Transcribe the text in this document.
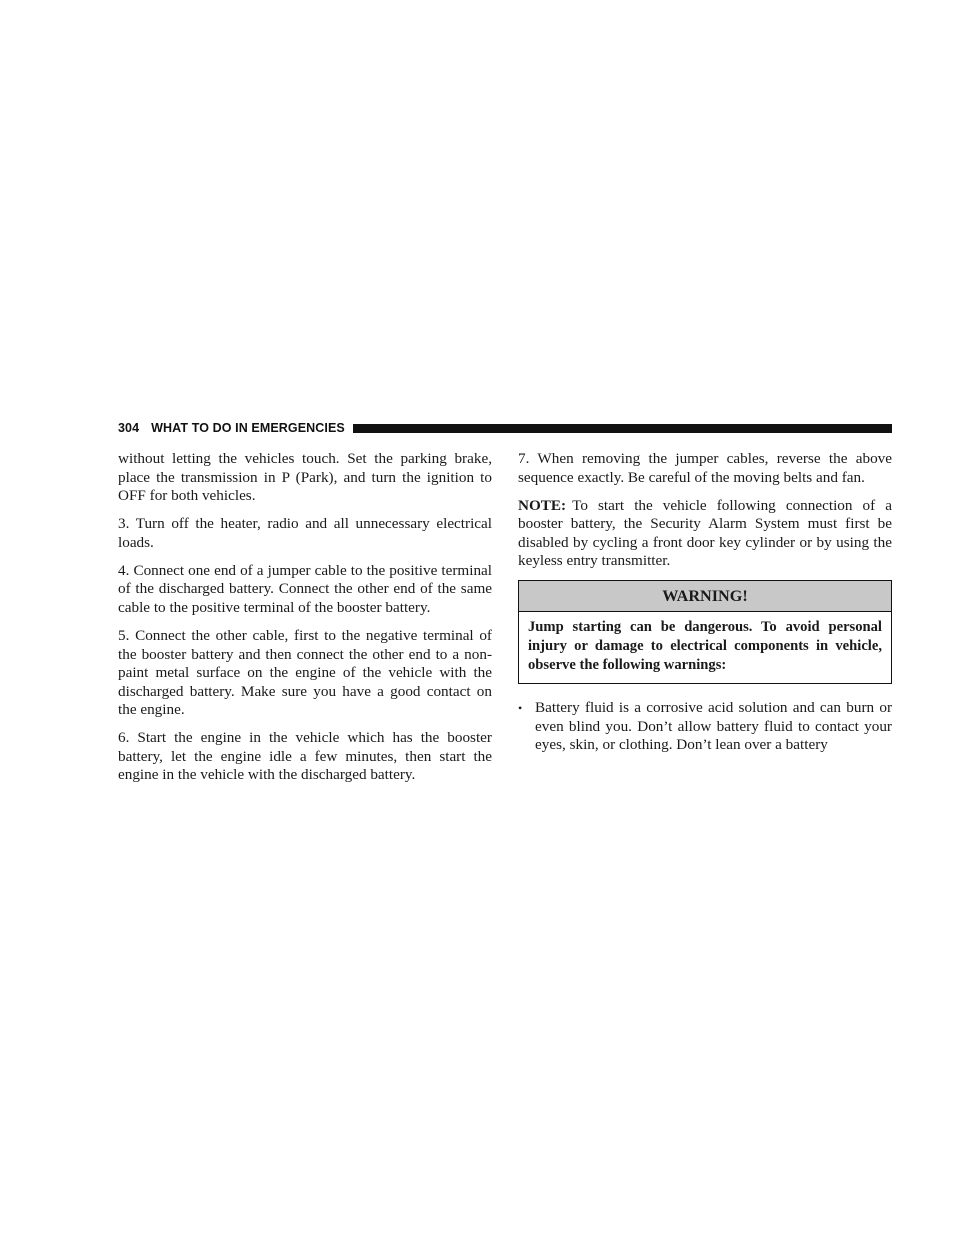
304 WHAT TO DO IN EMERGENCIES

without letting the vehicles touch. Set the parking brake, place the transmission in P (Park), and turn the ignition to OFF for both vehicles.

3. Turn off the heater, radio and all unnecessary electrical loads.

4. Connect one end of a jumper cable to the positive terminal of the discharged battery. Connect the other end of the same cable to the positive terminal of the booster battery.

5. Connect the other cable, first to the negative terminal of the booster battery and then connect the other end to a non-paint metal surface on the engine of the vehicle with the discharged battery. Make sure you have a good contact on the engine.

6. Start the engine in the vehicle which has the booster battery, let the engine idle a few minutes, then start the engine in the vehicle with the discharged battery.

7. When removing the jumper cables, reverse the above sequence exactly. Be careful of the moving belts and fan.

NOTE: To start the vehicle following connection of a booster battery, the Security Alarm System must first be disabled by cycling a front door key cylinder or by using the keyless entry transmitter.

WARNING!
Jump starting can be dangerous. To avoid personal injury or damage to electrical components in vehicle, observe the following warnings:
• Battery fluid is a corrosive acid solution and can burn or even blind you. Don’t allow battery fluid to contact your eyes, skin, or clothing. Don’t lean over a battery
